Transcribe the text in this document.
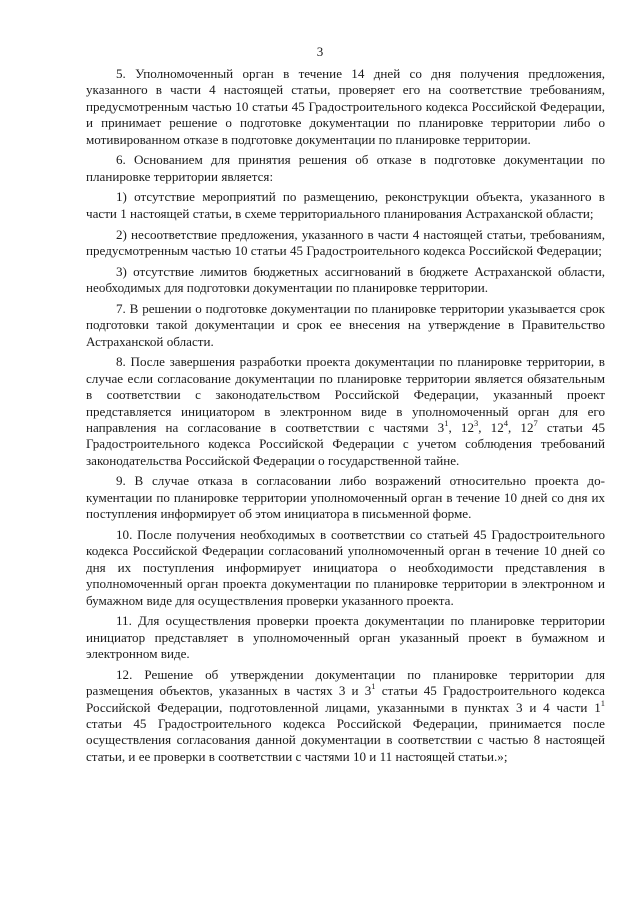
3

5. Уполномоченный орган в течение 14 дней со дня получения предложения, указанного в части 4 настоящей статьи, проверяет его на соответствие требованиям, предусмотренным частью 10 статьи 45 Градостроительного кодекса Российской Федерации, и принимает решение о подготовке документации по планировке территории либо о мотивированном отказе в подготовке документации по планировке территории.

6. Основанием для принятия решения об отказе в подготовке документации по планировке территории является:

1) отсутствие мероприятий по размещению, реконструкции объекта, указанного в части 1 настоящей статьи, в схеме территориального планирования Астраханской области;

2) несоответствие предложения, указанного в части 4 настоящей статьи, требованиям, предусмотренным частью 10 статьи 45 Градостроительного кодекса Российской Федерации;

3) отсутствие лимитов бюджетных ассигнований в бюджете Астраханской области, необходимых для подготовки документации по планировке территории.

7. В решении о подготовке документации по планировке территории указывается срок подготовки такой документации и срок ее внесения на утверждение в Правительство Астраханской области.

8. После завершения разработки проекта документации по планировке территории, в случае если согласование документации по планировке территории является обязательным в соответствии с законодательством Российской Федерации, указанный проект представляется инициатором в электронном виде в уполномоченный орган для его направления на согласование в соответствии с частями $3^1$, $12^3$, $12^4$, $12^7$ статьи 45 Градостроительного кодекса Российской Федерации с учетом соблюдения требований законодательства Российской Федерации о государственной тайне.

9. В случае отказа в согласовании либо возражений относительно проекта документации по планировке территории уполномоченный орган в течение 10 дней со дня их поступления информирует об этом инициатора в письменной форме.

10. После получения необходимых в соответствии со статьей 45 Градостроительного кодекса Российской Федерации согласований уполномоченный орган в течение 10 дней со дня их поступления информирует инициатора о необходимости представления в уполномоченный орган проекта документации по планировке территории в электронном и бумажном виде для осуществления проверки указанного проекта.

11. Для осуществления проверки проекта документации по планировке территории инициатор представляет в уполномоченный орган указанный проект в бумажном и электронном виде.

12. Решение об утверждении документации по планировке территории для размещения объектов, указанных в частях 3 и $3^1$ статьи 45 Градостроительного кодекса Российской Федерации, подготовленной лицами, указанными в пунктах 3 и 4 части $1^1$ статьи 45 Градостроительного кодекса Российской Федерации, принимается после осуществления согласования данной документации в соответствии с частью 8 настоящей статьи, и ее проверки в соответствии с частями 10 и 11 настоящей статьи.»;
